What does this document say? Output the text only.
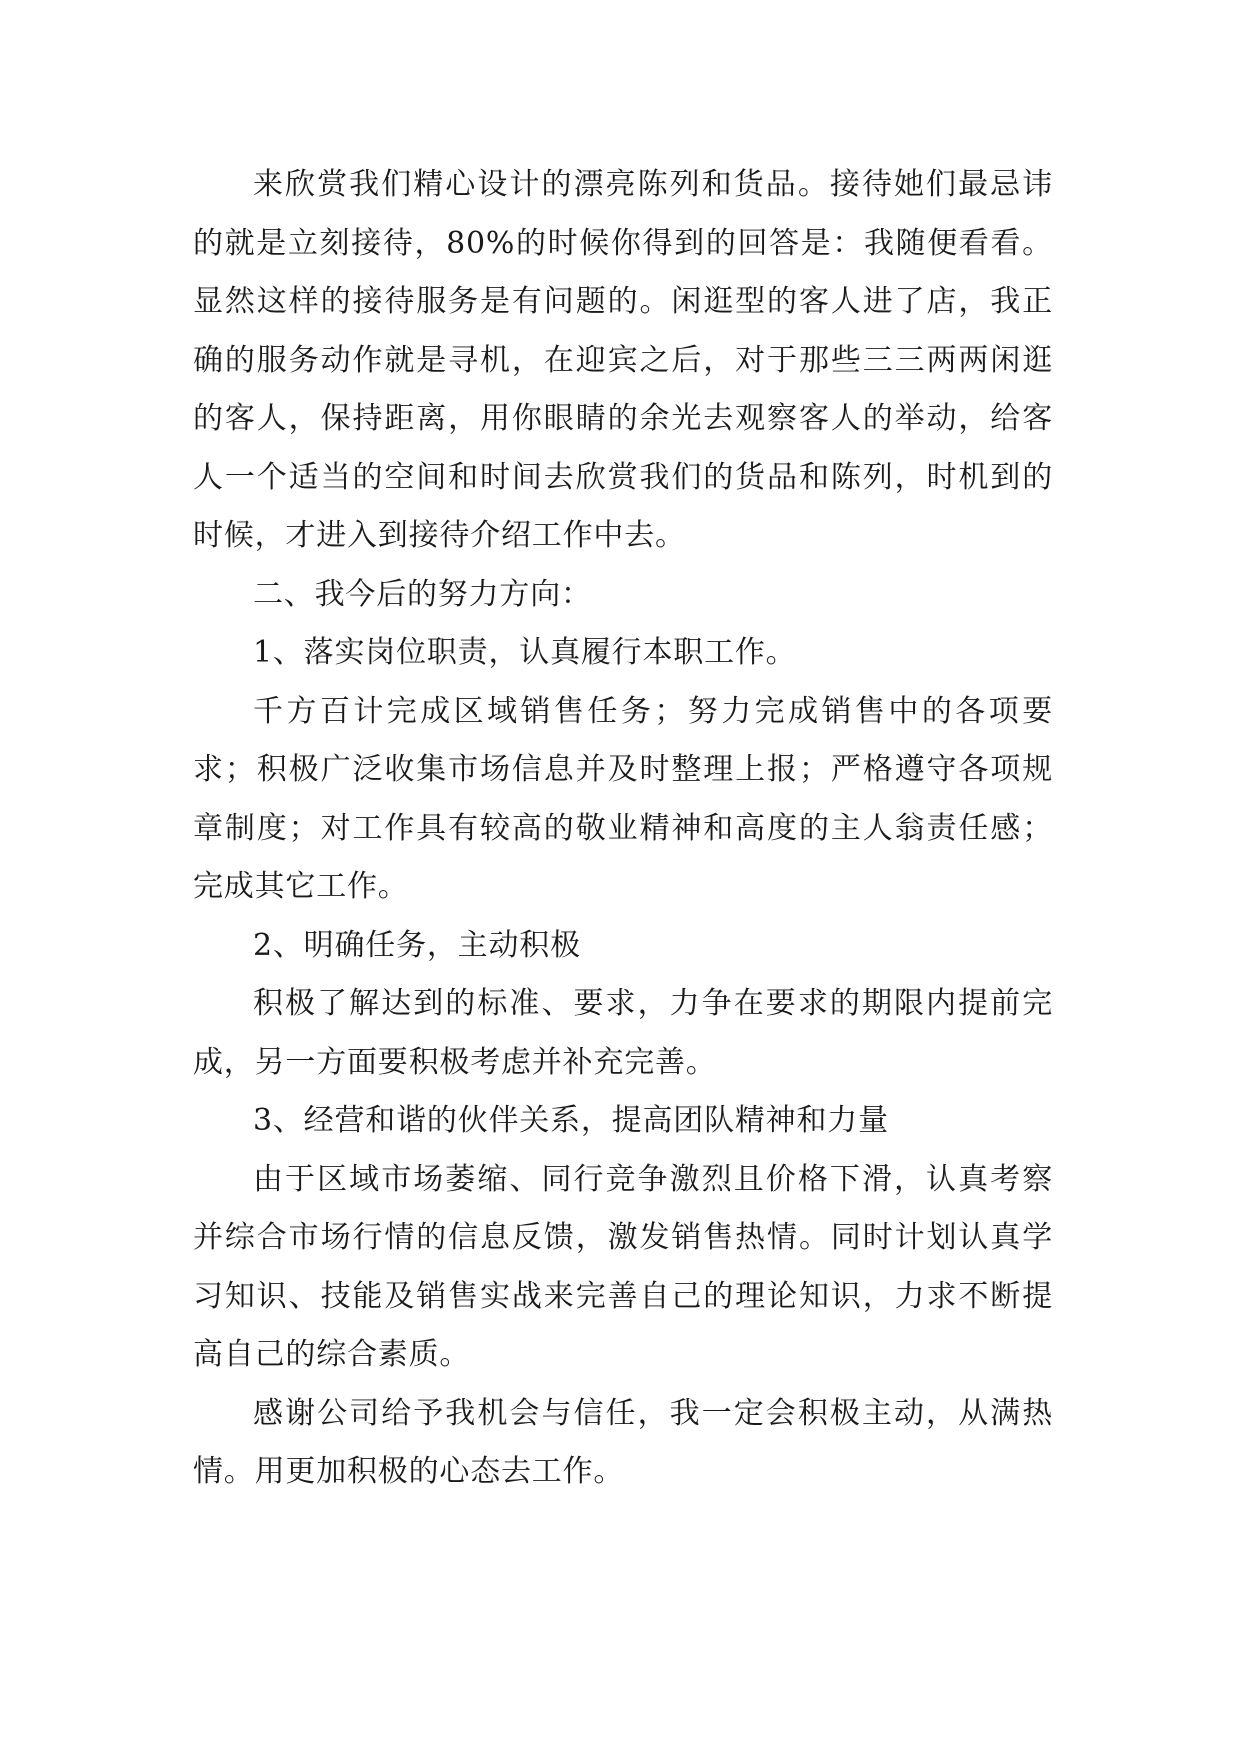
来欣赏我们精心设计的漂亮陈列和货品。接待她们最忌讳的就是立刻接待，80%的时候你得到的回答是：我随便看看。显然这样的接待服务是有问题的。闲逛型的客人进了店，我正确的服务动作就是寻机，在迎宾之后，对于那些三三两两闲逛的客人，保持距离，用你眼睛的余光去观察客人的举动，给客人一个适当的空间和时间去欣赏我们的货品和陈列，时机到的时候，才进入到接待介绍工作中去。

二、我今后的努力方向：

1、落实岗位职责，认真履行本职工作。

千方百计完成区域销售任务；努力完成销售中的各项要求；积极广泛收集市场信息并及时整理上报；严格遵守各项规章制度；对工作具有较高的敬业精神和高度的主人翁责任感；完成其它工作。

2、明确任务，主动积极

积极了解达到的标准、要求，力争在要求的期限内提前完成，另一方面要积极考虑并补充完善。

3、经营和谐的伙伴关系，提高团队精神和力量

由于区域市场萎缩、同行竞争激烈且价格下滑，认真考察并综合市场行情的信息反馈，激发销售热情。同时计划认真学习知识、技能及销售实战来完善自己的理论知识，力求不断提高自己的综合素质。

感谢公司给予我机会与信任，我一定会积极主动，从满热情。用更加积极的心态去工作。
